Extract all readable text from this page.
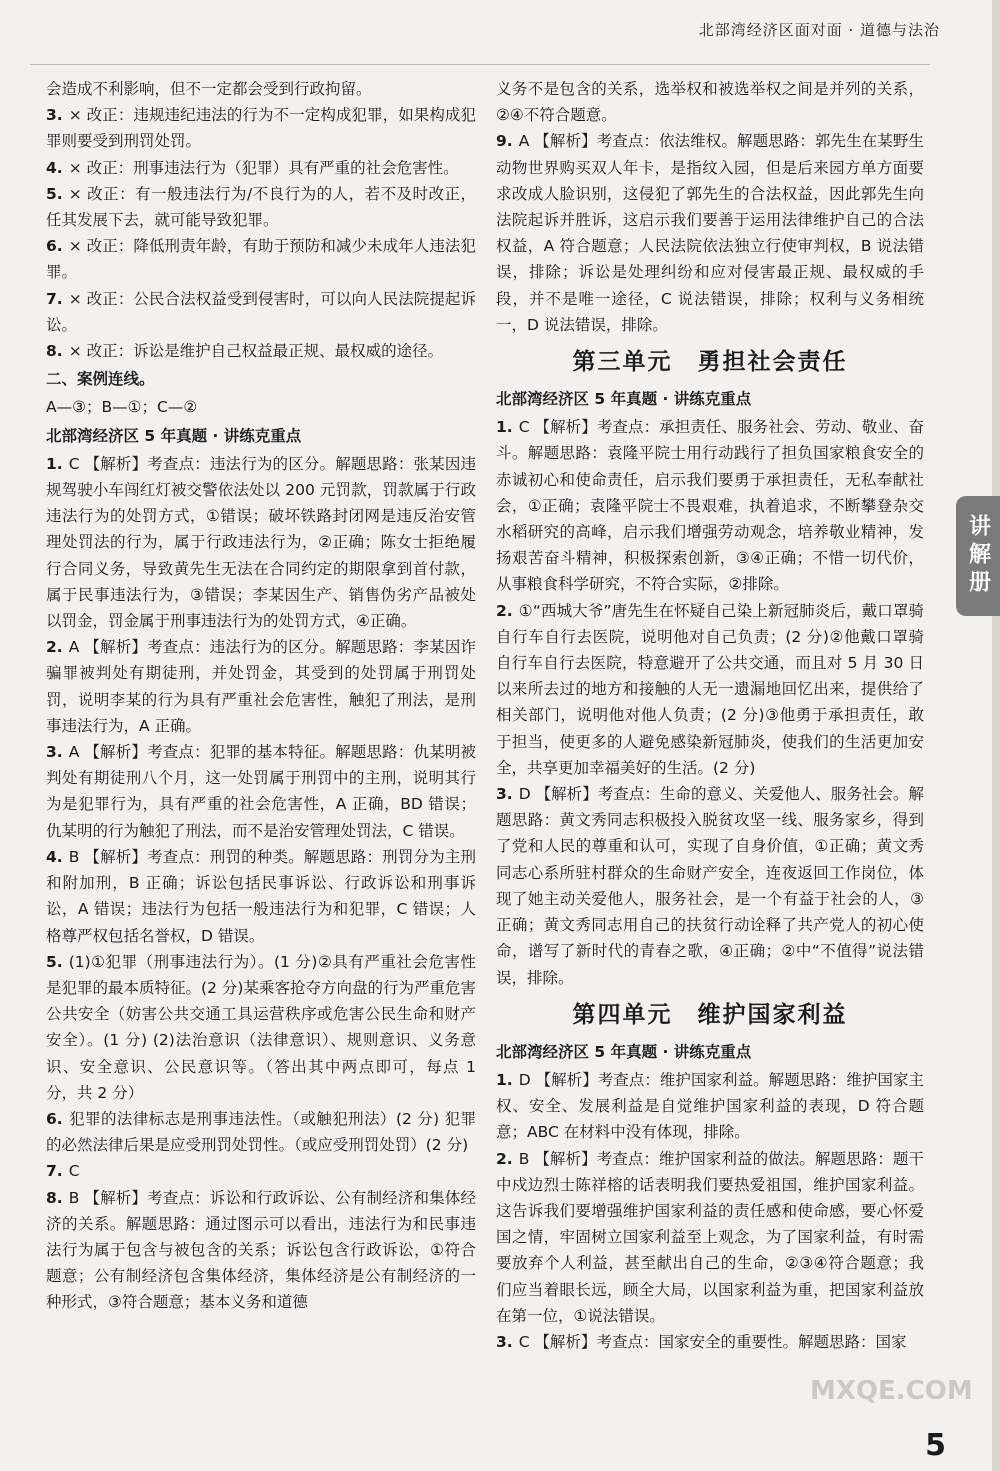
北部湾经济区面对面 · 道德与法治
会造成不利影响，但不一定都会受到行政拘留。
3. × 改正：违规违纪违法的行为不一定构成犯罪，如果构成犯罪则要受到刑罚处罚。
4. × 改正：刑事违法行为（犯罪）具有严重的社会危害性。
5. × 改正：有一般违法行为/不良行为的人，若不及时改正，任其发展下去，就可能导致犯罪。
6. × 改正：降低刑责年龄，有助于预防和减少未成年人违法犯罪。
7. × 改正：公民合法权益受到侵害时，可以向人民法院提起诉讼。
8. × 改正：诉讼是维护自己权益最正规、最权威的途径。
二、案例连线。
A—③；B—①；C—②
北部湾经济区 5 年真题 · 讲练克重点
1. C 【解析】考查点：违法行为的区分。解题思路：张某因违规驾驶小车闯红灯被交警依法处以 200 元罚款，罚款属于行政违法行为的处罚方式，①错误；破坏铁路封闭网是违反治安管理处罚法的行为，属于行政违法行为，②正确；陈女士拒绝履行合同义务，导致黄先生无法在合同约定的期限拿到首付款，属于民事违法行为，③错误；李某因生产、销售伪劣产品被处以罚金，罚金属于刑事违法行为的处罚方式，④正确。
2. A 【解析】考查点：违法行为的区分。解题思路：李某因诈骗罪被判处有期徒刑，并处罚金，其受到的处罚属于刑罚处罚，说明李某的行为具有严重社会危害性，触犯了刑法，是刑事违法行为，A 正确。
3. A 【解析】考查点：犯罪的基本特征。解题思路：仇某明被判处有期徒刑八个月，这一处罚属于刑罚中的主刑，说明其行为是犯罪行为，具有严重的社会危害性，A 正确，BD 错误；仇某明的行为触犯了刑法，而不是治安管理处罚法，C 错误。
4. B 【解析】考查点：刑罚的种类。解题思路：刑罚分为主刑和附加刑，B 正确；诉讼包括民事诉讼、行政诉讼和刑事诉讼，A 错误；违法行为包括一般违法行为和犯罪，C 错误；人格尊严权包括名誉权，D 错误。
5. (1)①犯罪（刑事违法行为）。(1 分)②具有严重社会危害性是犯罪的最本质特征。(2 分)某乘客抢夺方向盘的行为严重危害公共安全（妨害公共交通工具运营秩序或危害公民生命和财产安全）。(1 分) (2)法治意识（法律意识）、规则意识、义务意识、安全意识、公民意识等。（答出其中两点即可，每点 1 分，共 2 分）
6. 犯罪的法律标志是刑事违法性。（或触犯刑法）(2 分) 犯罪的必然法律后果是应受刑罚处罚性。（或应受刑罚处罚）(2 分)
7. C
8. B 【解析】考查点：诉讼和行政诉讼、公有制经济和集体经济的关系。解题思路：通过图示可以看出，违法行为和民事违法行为属于包含与被包含的关系；诉讼包含行政诉讼，①符合题意；公有制经济包含集体经济，集体经济是公有制经济的一种形式，③符合题意；基本义务和道德
义务不是包含的关系，选举权和被选举权之间是并列的关系，②④不符合题意。
9. A 【解析】考查点：依法维权。解题思路：郭先生在某野生动物世界购买双人年卡，是指纹入园，但是后来园方单方面要求改成人脸识别，这侵犯了郭先生的合法权益，因此郭先生向法院起诉并胜诉，这启示我们要善于运用法律维护自己的合法权益，A 符合题意；人民法院依法独立行使审判权，B 说法错误，排除；诉讼是处理纠纷和应对侵害最正规、最权威的手段，并不是唯一途径，C 说法错误，排除；权利与义务相统一，D 说法错误，排除。
第三单元　勇担社会责任
北部湾经济区 5 年真题 · 讲练克重点
1. C 【解析】考查点：承担责任、服务社会、劳动、敬业、奋斗。解题思路：袁隆平院士用行动践行了担负国家粮食安全的赤诚初心和使命责任，启示我们要勇于承担责任，无私奉献社会，①正确；袁隆平院士不畏艰难，执着追求，不断攀登杂交水稻研究的高峰，启示我们增强劳动观念，培养敬业精神，发扬艰苦奋斗精神，积极探索创新，③④正确；不惜一切代价，从事粮食科学研究，不符合实际，②排除。
2. ①“西城大爷”唐先生在怀疑自己染上新冠肺炎后，戴口罩骑自行车自行去医院，说明他对自己负责；(2 分)②他戴口罩骑自行车自行去医院，特意避开了公共交通，而且对 5 月 30 日以来所去过的地方和接触的人无一遗漏地回忆出来，提供给了相关部门，说明他对他人负责；(2 分)③他勇于承担责任，敢于担当，使更多的人避免感染新冠肺炎，使我们的生活更加安全，共享更加幸福美好的生活。(2 分)
3. D 【解析】考查点：生命的意义、关爱他人、服务社会。解题思路：黄文秀同志积极投入脱贫攻坚一线、服务家乡，得到了党和人民的尊重和认可，实现了自身价值，①正确；黄文秀同志心系所驻村群众的生命财产安全，连夜返回工作岗位，体现了她主动关爱他人，服务社会，是一个有益于社会的人，③正确；黄文秀同志用自己的扶贫行动诠释了共产党人的初心使命，谱写了新时代的青春之歌，④正确；②中“不值得”说法错误，排除。
第四单元　维护国家利益
北部湾经济区 5 年真题 · 讲练克重点
1. D 【解析】考查点：维护国家利益。解题思路：维护国家主权、安全、发展利益是自觉维护国家利益的表现，D 符合题意；ABC 在材料中没有体现，排除。
2. B 【解析】考查点：维护国家利益的做法。解题思路：题干中戍边烈士陈祥榕的话表明我们要热爱祖国，维护国家利益。这告诉我们要增强维护国家利益的责任感和使命感，要心怀爱国之情，牢固树立国家利益至上观念，为了国家利益，有时需要放弃个人利益，甚至献出自己的生命，②③④符合题意；我们应当着眼长远，顾全大局，以国家利益为重，把国家利益放在第一位，①说法错误。
3. C 【解析】考查点：国家安全的重要性。解题思路：国家
讲解册
MXQE.COM
5
